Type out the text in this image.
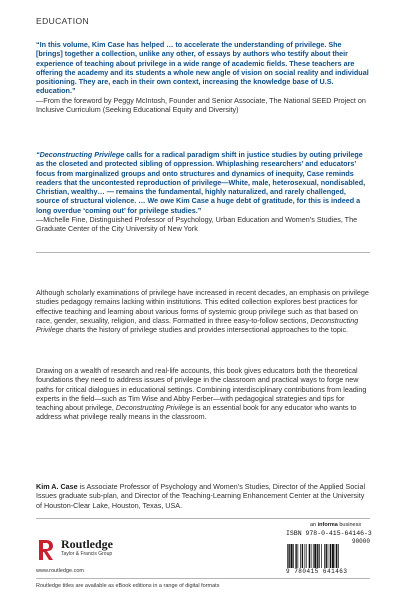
EDUCATION
“In this volume, Kim Case has helped … to accelerate the understanding of privilege. She [brings] together a collection, unlike any other, of essays by authors who testify about their experience of teaching about privilege in a wide range of academic fields. These teachers are offering the academy and its students a whole new angle of vision on social reality and individual positioning. They are, each in their own context, increasing the knowledge base of U.S. education.”
—From the foreword by Peggy McIntosh, Founder and Senior Associate, The National SEED Project on Inclusive Curriculum (Seeking Educational Equity and Diversity)
“Deconstructing Privilege calls for a radical paradigm shift in justice studies by outing privilege as the closeted and protected sibling of oppression. Whiplashing researchers’ and educators’ focus from marginalized groups and onto structures and dynamics of inequity, Case reminds readers that the uncontested reproduction of privilege—White, male, heterosexual, nondisabled, Christian, wealthy… — remains the fundamental, highly naturalized, and rarely challenged, source of structural violence. … We owe Kim Case a huge debt of gratitude, for this is indeed a long overdue ‘coming out’ for privilege studies.”
—Michelle Fine, Distinguished Professor of Psychology, Urban Education and Women’s Studies, The Graduate Center of the City University of New York
Although scholarly examinations of privilege have increased in recent decades, an emphasis on privilege studies pedagogy remains lacking within institutions. This edited collection explores best practices for effective teaching and learning about various forms of systemic group privilege such as that based on race, gender, sexuality, religion, and class. Formatted in three easy-to-follow sections, Deconstructing Privilege charts the history of privilege studies and provides intersectional approaches to the topic.
Drawing on a wealth of research and real-life accounts, this book gives educators both the theoretical foundations they need to address issues of privilege in the classroom and practical ways to forge new paths for critical dialogues in educational settings. Combining interdisciplinary contributions from leading experts in the field—such as Tim Wise and Abby Ferber—with pedagogical strategies and tips for teaching about privilege, Deconstructing Privilege is an essential book for any educator who wants to address what privilege really means in the classroom.
Kim A. Case is Associate Professor of Psychology and Women’s Studies, Director of the Applied Social Issues graduate sub-plan, and Director of the Teaching-Learning Enhancement Center at the University of Houston-Clear Lake, Houston, Texas, USA.
an informa business
Routledge
Taylor & Francis Group
www.routledge.com
ISBN 978-0-415-64146-3
90000
9 780415 641463
Routledge titles are available as eBook editions in a range of digital formats
